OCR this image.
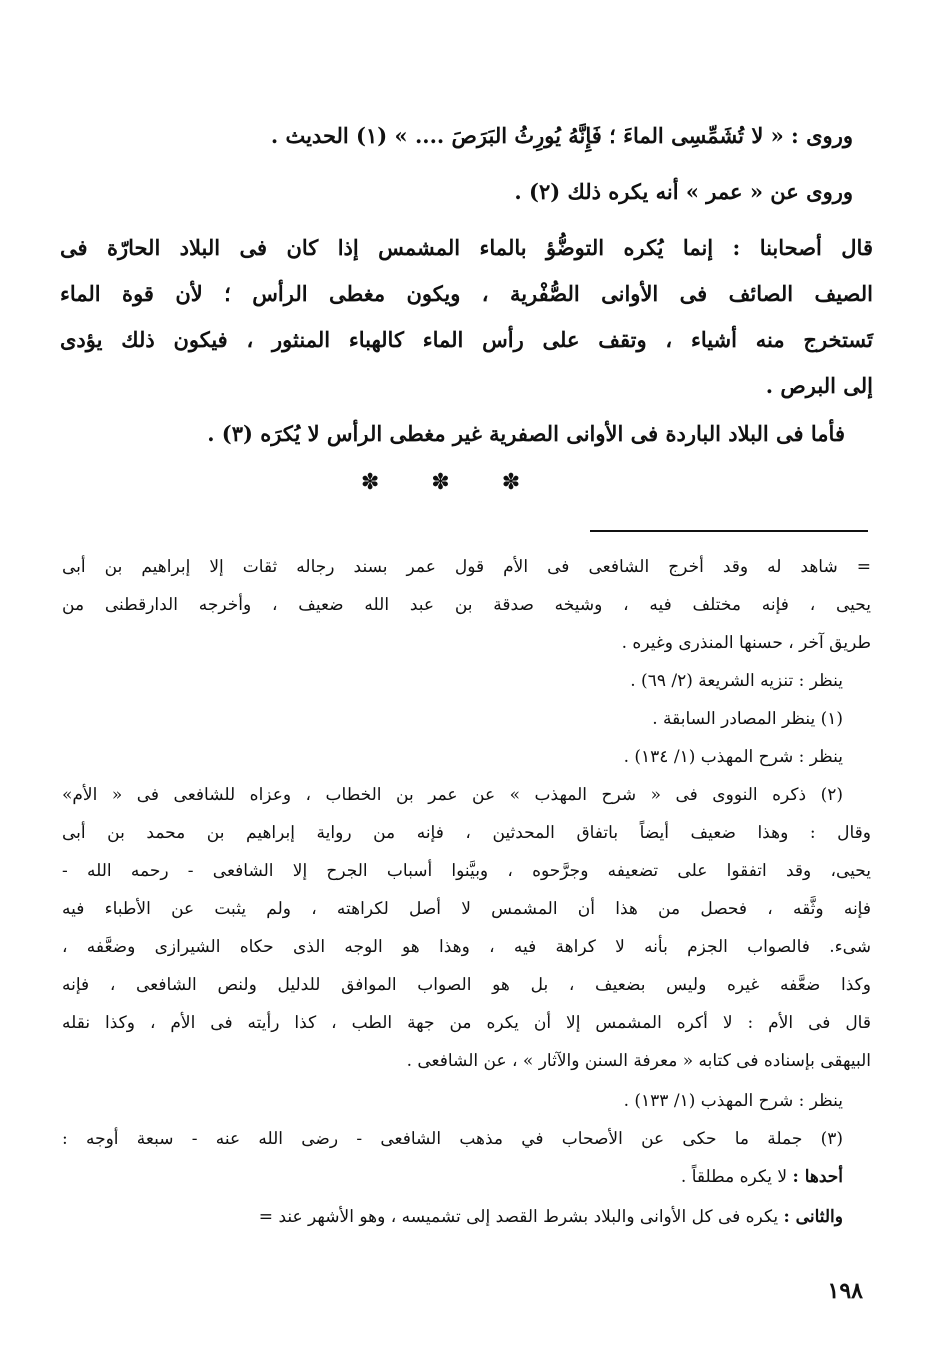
وروى : « لا تُشَمِّسِى الماءَ ؛ فَإِنَّهُ يُورِثُ البَرَصَ .... » (١) الحديث .
وروى عن « عمر » أنه يكره ذلك (٢) .
قال أصحابنا : إنما يُكره التوضُّؤ بالماء المشمس إذا كان فى البلاد الحارّة فى
الصيف الصائف فى الأوانى الصُّفْرية ، ويكون مغطى الرأس ؛ لأن قوة الماء
تَستخرج منه أشياء ، وتقف على رأس الماء كالهباء المنثور ، فيكون ذلك يؤدى
إلى البرص .
فأما فى البلاد الباردة فى الأوانى الصفرية غير مغطى الرأس لا يُكرَه (٣) .
✽✽✽
= شاهد له وقد أخرج الشافعى فى الأم قول عمر بسند رجاله ثقات إلا إبراهيم بن أبى
يحيى ، فإنه مختلف فيه ، وشيخه صدقة بن عبد الله ضعيف ، وأخرجه الدارقطنى من
طريق آخر ، حسنها المنذرى وغيره .
ينظر : تنزيه الشريعة (٢/ ٦٩) .
(١) ينظر المصادر السابقة .
ينظر : شرح المهذب (١/ ١٣٤) .
(٢) ذكره النووى فى « شرح المهذب » عن عمر بن الخطاب ، وعزاه للشافعى فى « الأم»
وقال : وهذا ضعيف أيضاً باتفاق المحدثين ، فإنه من رواية إبراهيم بن محمد بن أبى
يحيى، وقد اتفقوا على تضعيفه وجرَّحوه ، وبيَّنوا أسباب الجرح إلا الشافعى - رحمه الله -
فإنه وثَّقه ، فحصل من هذا أن المشمس لا أصل لكراهته ، ولم يثبت عن الأطباء فيه
شىء. فالصواب الجزم بأنه لا كراهة فيه ، وهذا هو الوجه الذى حكاه الشيرازى وضعَّفه ،
وكذا ضعَّفه غيره وليس بضعيف ، بل هو الصواب الموافق للدليل ولنص الشافعى ، فإنه
قال فى الأم : لا أكره المشمس إلا أن يكره من جهة الطب ، كذا رأيته فى الأم ، وكذا نقله
البيهقى بإسناده فى كتابه « معرفة السنن والآثار » ، عن الشافعى .
ينظر : شرح المهذب (١/ ١٣٣) .
(٣) جملة ما حكى عن الأصحاب في مذهب الشافعى - رضى الله عنه - سبعة أوجه :
أحدها : لا يكره مطلقاً .
والثانى : يكره فى كل الأوانى والبلاد بشرط القصد إلى تشميسه ، وهو الأشهر عند =
١٩٨
